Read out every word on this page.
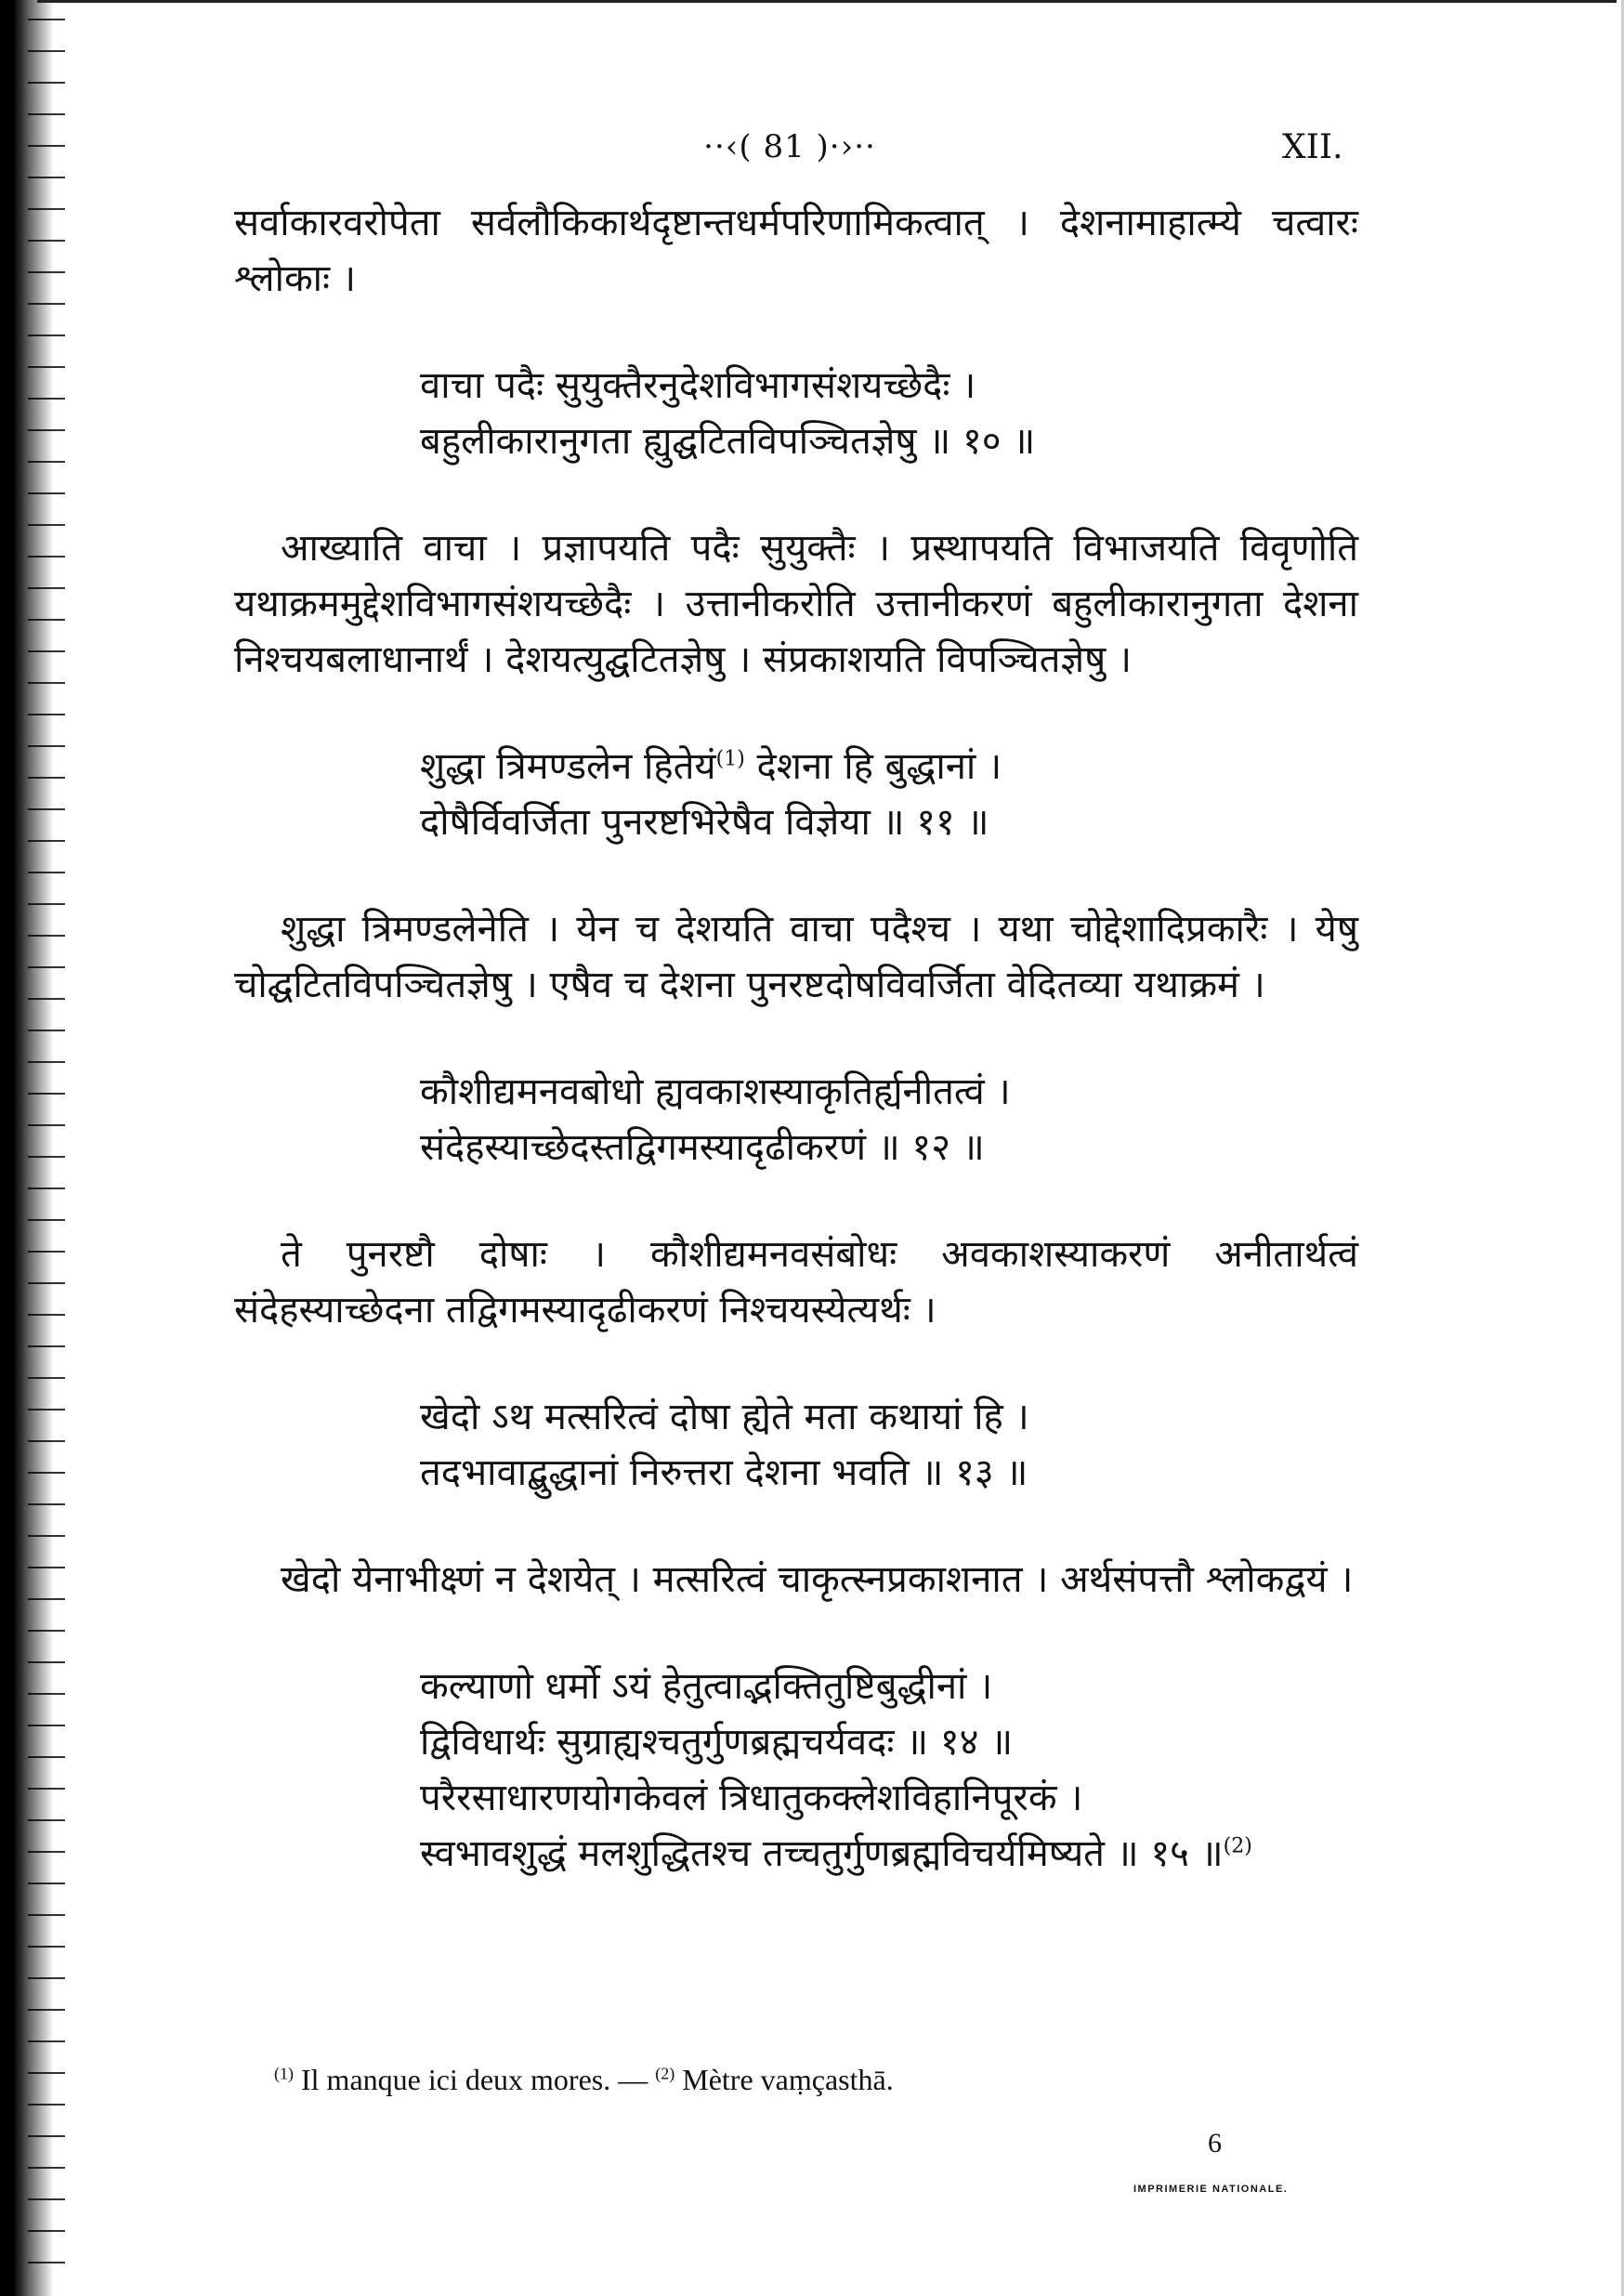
··‹( 81 )·›··	XII.

सर्वाकारवरोपेता सर्वलौकिकार्थदृष्टान्तधर्मपरिणामिकत्वात् । देशनामाहात्म्ये चत्वारः श्लोकाः ।

वाचा पदैः सुयुक्तैरनुदेशविभागसंशयच्छेदैः ।
बहुलीकारानुगता ह्युद्घटितविपञ्चितज्ञेषु ॥ १० ॥

आख्याति वाचा । प्रज्ञापयति पदैः सुयुक्तैः । प्रस्थापयति विभाजयति विवृणोति यथाक्रममुद्देशविभागसंशयच्छेदैः । उत्तानीकरोति उत्तानीकरणं बहुलीकारानुगता देशना निश्चयबलाधानार्थं । देशयत्युद्घटितज्ञेषु । संप्रकाशयति विपञ्चितज्ञेषु ।

शुद्धा त्रिमण्डलेन हितेयं$^{(1)}$ देशना हि बुद्धानां ।
दोषैर्विवर्जिता पुनरष्टभिरेषैव विज्ञेया ॥ ११ ॥

शुद्धा त्रिमण्डलेनेति । येन च देशयति वाचा पदैश्च । यथा चोद्देशादिप्रकारैः । येषु चोद्घटितविपञ्चितज्ञेषु । एषैव च देशना पुनरष्टदोषविवर्जिता वेदितव्या यथाक्रमं ।

कौशीद्यमनवबोधो ह्यवकाशस्याकृतिर्ह्यनीतत्वं ।
संदेहस्याच्छेदस्तद्विगमस्यादृढीकरणं ॥ १२ ॥

ते पुनरष्टौ दोषाः । कौशीद्यमनवसंबोधः अवकाशस्याकरणं अनीतार्थत्वं संदेहस्याच्छेदना तद्विगमस्यादृढीकरणं निश्चयस्येत्यर्थः ।

खेदो ऽथ मत्सरित्वं दोषा ह्येते मता कथायां हि ।
तदभावाद्बुद्धानां निरुत्तरा देशना भवति ॥ १३ ॥

खेदो येनाभीक्ष्णं न देशयेत् । मत्सरित्वं चाकृत्स्नप्रकाशनात । अर्थसंपत्तौ श्लोकद्वयं ।

कल्याणो धर्मो ऽयं हेतुत्वाद्भक्तितुष्टिबुद्धीनां ।
द्विविधार्थः सुग्राह्यश्चतुर्गुणब्रह्मचर्यवदः ॥ १४ ॥
परैरसाधारणयोगकेवलं त्रिधातुकक्लेशविहानिपूरकं ।
स्वभावशुद्धं मलशुद्धितश्च तच्चतुर्गुणब्रह्मविचर्यमिष्यते ॥ १५ ॥$^{(2)}$
$^{(1)}$ Il manque ici deux mores. — $^{(2)}$ Mètre vaṃçasthā.
6
IMPRIMERIE NATIONALE.
